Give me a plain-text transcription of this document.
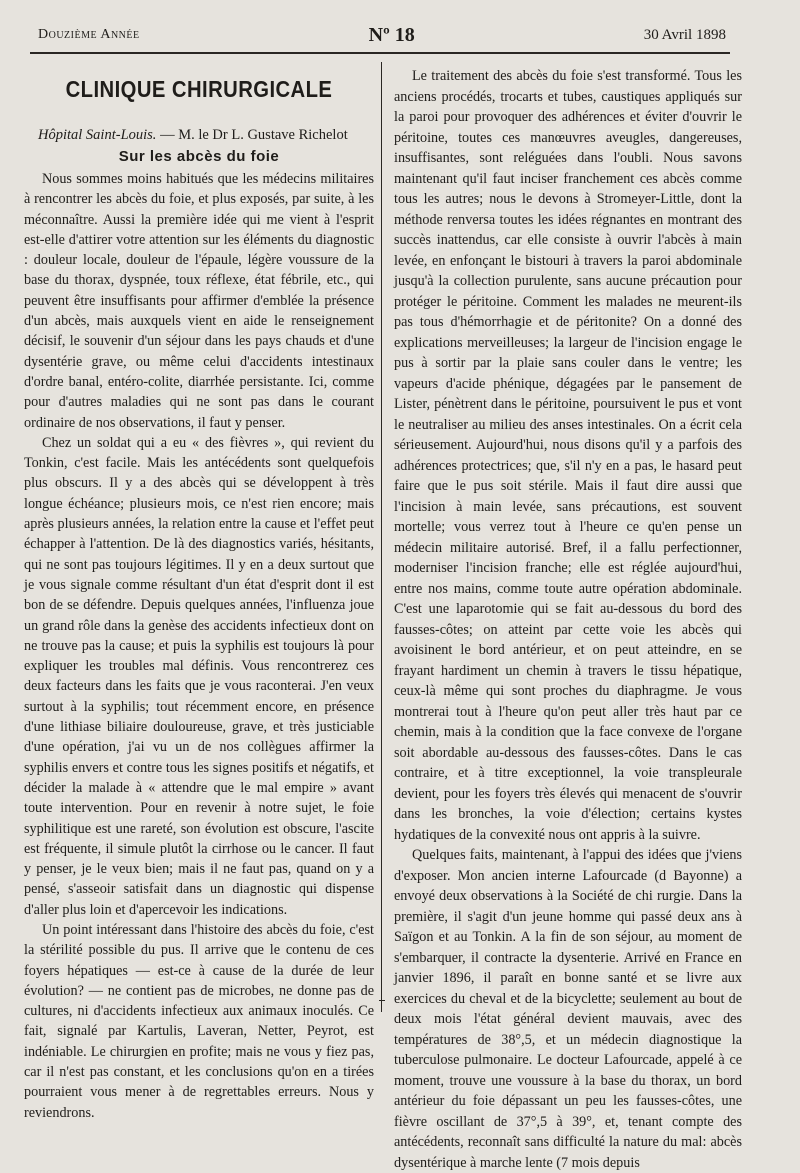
Douzième Année	Nº 18	30 Avril 1898
CLINIQUE CHIRURGICALE
Hôpital Saint-Louis. — M. le Dr L. Gustave Richelot
Sur les abcès du foie

Nous sommes moins habitués que les médecins militaires à rencontrer les abcès du foie, et plus exposés, par suite, à les méconnaître. Aussi la première idée qui me vient à l'esprit est-elle d'attirer votre attention sur les éléments du diagnostic : douleur locale, douleur de l'épaule, légère voussure de la base du thorax, dyspnée, toux réflexe, état fébrile, etc., qui peuvent être insuffisants pour affirmer d'emblée la présence d'un abcès, mais auxquels vient en aide le renseignement décisif, le souvenir d'un séjour dans les pays chauds et d'une dysentérie grave, ou même celui d'accidents intestinaux d'ordre banal, entéro-colite, diarrhée persistante. Ici, comme pour d'autres maladies qui ne sont pas dans le courant ordinaire de nos observations, il faut y penser.

Chez un soldat qui a eu « des fièvres », qui revient du Tonkin, c'est facile. Mais les antécédents sont quelquefois plus obscurs. Il y a des abcès qui se développent à très longue échéance; plusieurs mois, ce n'est rien encore; mais après plusieurs années, la relation entre la cause et l'effet peut échapper à l'attention. De là des diagnostics variés, hésitants, qui ne sont pas toujours légitimes. Il y en a deux surtout que je vous signale comme résultant d'un état d'esprit dont il est bon de se défendre. Depuis quelques années, l'influenza joue un grand rôle dans la genèse des accidents infectieux dont on ne trouve pas la cause; et puis la syphilis est toujours là pour expliquer les troubles mal définis. Vous rencontrerez ces deux facteurs dans les faits que je vous raconterai. J'en veux surtout à la syphilis; tout récemment encore, en présence d'une lithiase biliaire douloureuse, grave, et très justiciable d'une opération, j'ai vu un de nos collègues affirmer la syphilis envers et contre tous les signes positifs et négatifs, et décider la malade à « attendre que le mal empire » avant toute intervention. Pour en revenir à notre sujet, le foie syphilitique est une rareté, son évolution est obscure, l'ascite est fréquente, il simule plutôt la cirrhose ou le cancer. Il faut y penser, je le veux bien; mais il ne faut pas, quand on y a pensé, s'asseoir satisfait dans un diagnostic qui dispense d'aller plus loin et d'apercevoir les indications.

Un point intéressant dans l'histoire des abcès du foie, c'est la stérilité possible du pus. Il arrive que le contenu de ces foyers hépatiques — est-ce à cause de la durée de leur évolution? — ne contient pas de microbes, ne donne pas de cultures, ni d'accidents infectieux aux animaux inoculés. Ce fait, signalé par Kartulis, Laveran, Netter, Peyrot, est indéniable. Le chirurgien en profite; mais ne vous y fiez pas, car il n'est pas constant, et les conclusions qu'on en a tirées pourraient vous mener à de regrettables erreurs. Nous y reviendrons.

Le traitement des abcès du foie s'est transformé. Tous les anciens procédés, trocarts et tubes, caustiques appliqués sur la paroi pour provoquer des adhérences et éviter d'ouvrir le péritoine, toutes ces manœuvres aveugles, dangereuses, insuffisantes, sont reléguées dans l'oubli. Nous savons maintenant qu'il faut inciser franchement ces abcès comme tous les autres; nous le devons à Stromeyer-Little, dont la méthode renversa toutes les idées régnantes en montrant des succès inattendus, car elle consiste à ouvrir l'abcès à main levée, en enfonçant le bistouri à travers la paroi abdominale jusqu'à la collection purulente, sans aucune précaution pour protéger le péritoine. Comment les malades ne meurent-ils pas tous d'hémorrhagie et de péritonite? On a donné des explications merveilleuses; la largeur de l'incision engage le pus à sortir par la plaie sans couler dans le ventre; les vapeurs d'acide phénique, dégagées par le pansement de Lister, pénètrent dans le péritoine, poursuivent le pus et vont le neutraliser au milieu des anses intestinales. On a écrit cela sérieusement. Aujourd'hui, nous disons qu'il y a parfois des adhérences protectrices; que, s'il n'y en a pas, le hasard peut faire que le pus soit stérile. Mais il faut dire aussi que l'incision à main levée, sans précautions, est souvent mortelle; vous verrez tout à l'heure ce qu'en pense un médecin militaire autorisé. Bref, il a fallu perfectionner, moderniser l'incision franche; elle est réglée aujourd'hui, entre nos mains, comme toute autre opération abdominale. C'est une laparotomie qui se fait au-dessous du bord des fausses-côtes; on atteint par cette voie les abcès qui avoisinent le bord antérieur, et on peut atteindre, en se frayant hardiment un chemin à travers le tissu hépatique, ceux-là même qui sont proches du diaphragme. Je vous montrerai tout à l'heure qu'on peut aller très haut par ce chemin, mais à la condition que la face convexe de l'organe soit abordable au-dessous des fausses-côtes. Dans le cas contraire, et à titre exceptionnel, la voie transpleurale devient, pour les foyers très élevés qui menacent de s'ouvrir dans les bronches, la voie d'élection; certains kystes hydatiques de la convexité nous ont appris à la suivre.

Quelques faits, maintenant, à l'appui des idées que j'viens d'exposer. Mon ancien interne Lafourcade (d Bayonne) a envoyé deux observations à la Société de chi rurgie. Dans la première, il s'agit d'un jeune homme qui passé deux ans à Saïgon et au Tonkin. A la fin de son séjour, au moment de s'embarquer, il contracte la dysenterie. Arrivé en France en janvier 1896, il paraît en bonne santé et se livre aux exercices du cheval et de la bicyclette; seulement au bout de deux mois l'état général devient mauvais, avec des températures de 38°,5, et un médecin diagnostique la tuberculose pulmonaire. Le docteur Lafourcade, appelé à ce moment, trouve une voussure à la base du thorax, un bord antérieur du foie dépassant un peu les fausses-côtes, une fièvre oscillant de 37°,5 à 39°, et, tenant compte des antécédents, reconnaît sans difficulté la nature du mal: abcès dysentérique à marche lente (7 mois depuis
